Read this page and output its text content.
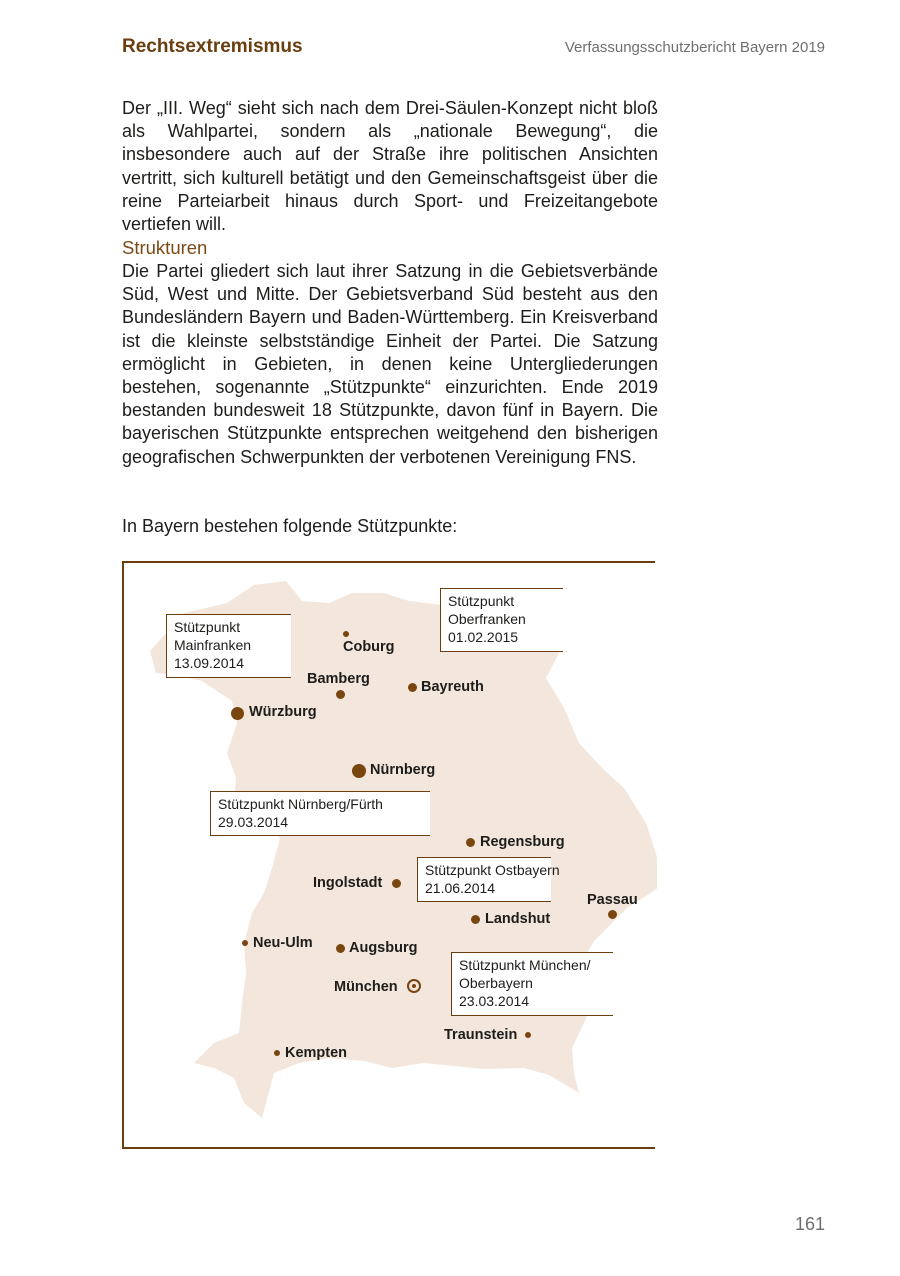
Rechtsextremismus	Verfassungsschutzbericht Bayern 2019

Der „III. Weg“ sieht sich nach dem Drei-Säulen-Konzept nicht bloß als Wahlpartei, sondern als „nationale Bewegung“, die insbesondere auch auf der Straße ihre politischen Ansichten vertritt, sich kulturell betätigt und den Gemeinschaftsgeist über die reine Parteiarbeit hinaus durch Sport- und Freizeitangebote vertiefen will.

Strukturen

Die Partei gliedert sich laut ihrer Satzung in die Gebietsverbände Süd, West und Mitte. Der Gebietsverband Süd besteht aus den Bundesländern Bayern und Baden-Württemberg. Ein Kreisverband ist die kleinste selbstständige Einheit der Partei. Die Satzung ermöglicht in Gebieten, in denen keine Untergliederungen bestehen, sogenannte „Stützpunkte“ einzurichten. Ende 2019 bestanden bundesweit 18 Stützpunkte, davon fünf in Bayern. Die bayerischen Stützpunkte entsprechen weitgehend den bisherigen geografischen Schwerpunkten der verbotenen Vereinigung FNS.

In Bayern bestehen folgende Stützpunkte:

Coburg
Bamberg	Bayreuth
Würzburg
Nürnberg
Regensburg
Ingolstadt
Passau
Landshut
Neu-Ulm	Augsburg
München
Traunstein
Kempten
Stützpunkt
Mainfranken
13.09.2014
Stützpunkt
Oberfranken
01.02.2015
Stützpunkt Nürnberg/Fürth
29.03.2014
Stützpunkt Ostbayern
21.06.2014
Stützpunkt München/
Oberbayern
23.03.2014
161
